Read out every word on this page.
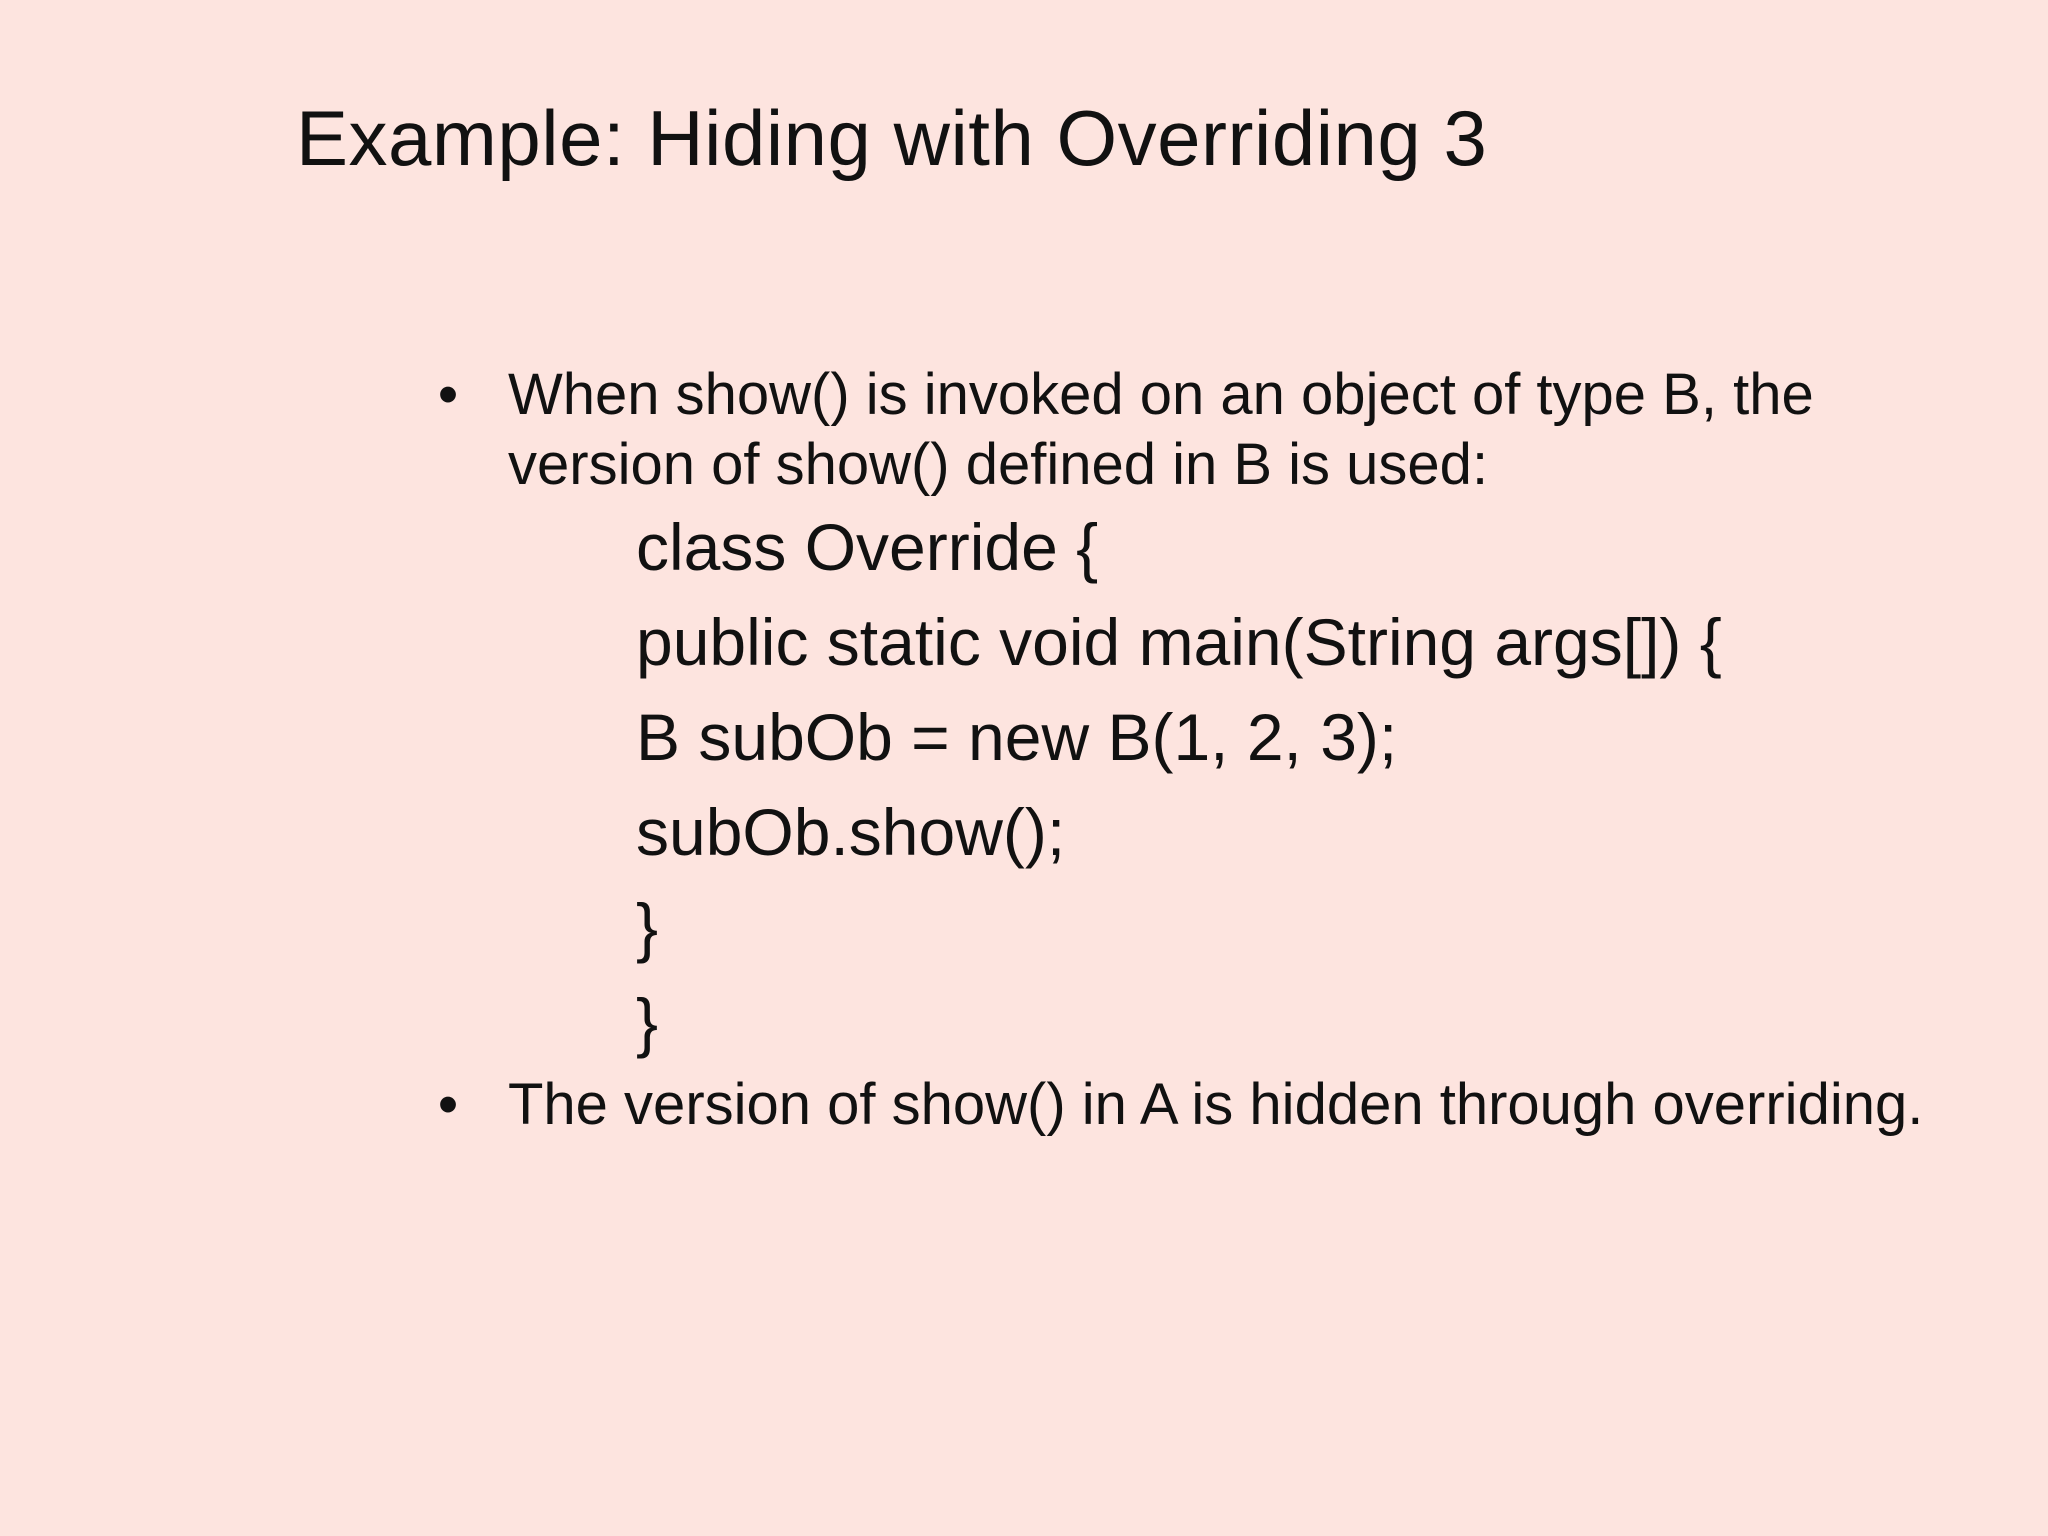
Example: Hiding with Overriding 3
• When show() is invoked on an object of type B, the version of show() defined in B is used:
class Override {
public static void main(String args[]) {
B subOb = new B(1, 2, 3);
subOb.show();
}
}
• The version of show() in A is hidden through overriding.
